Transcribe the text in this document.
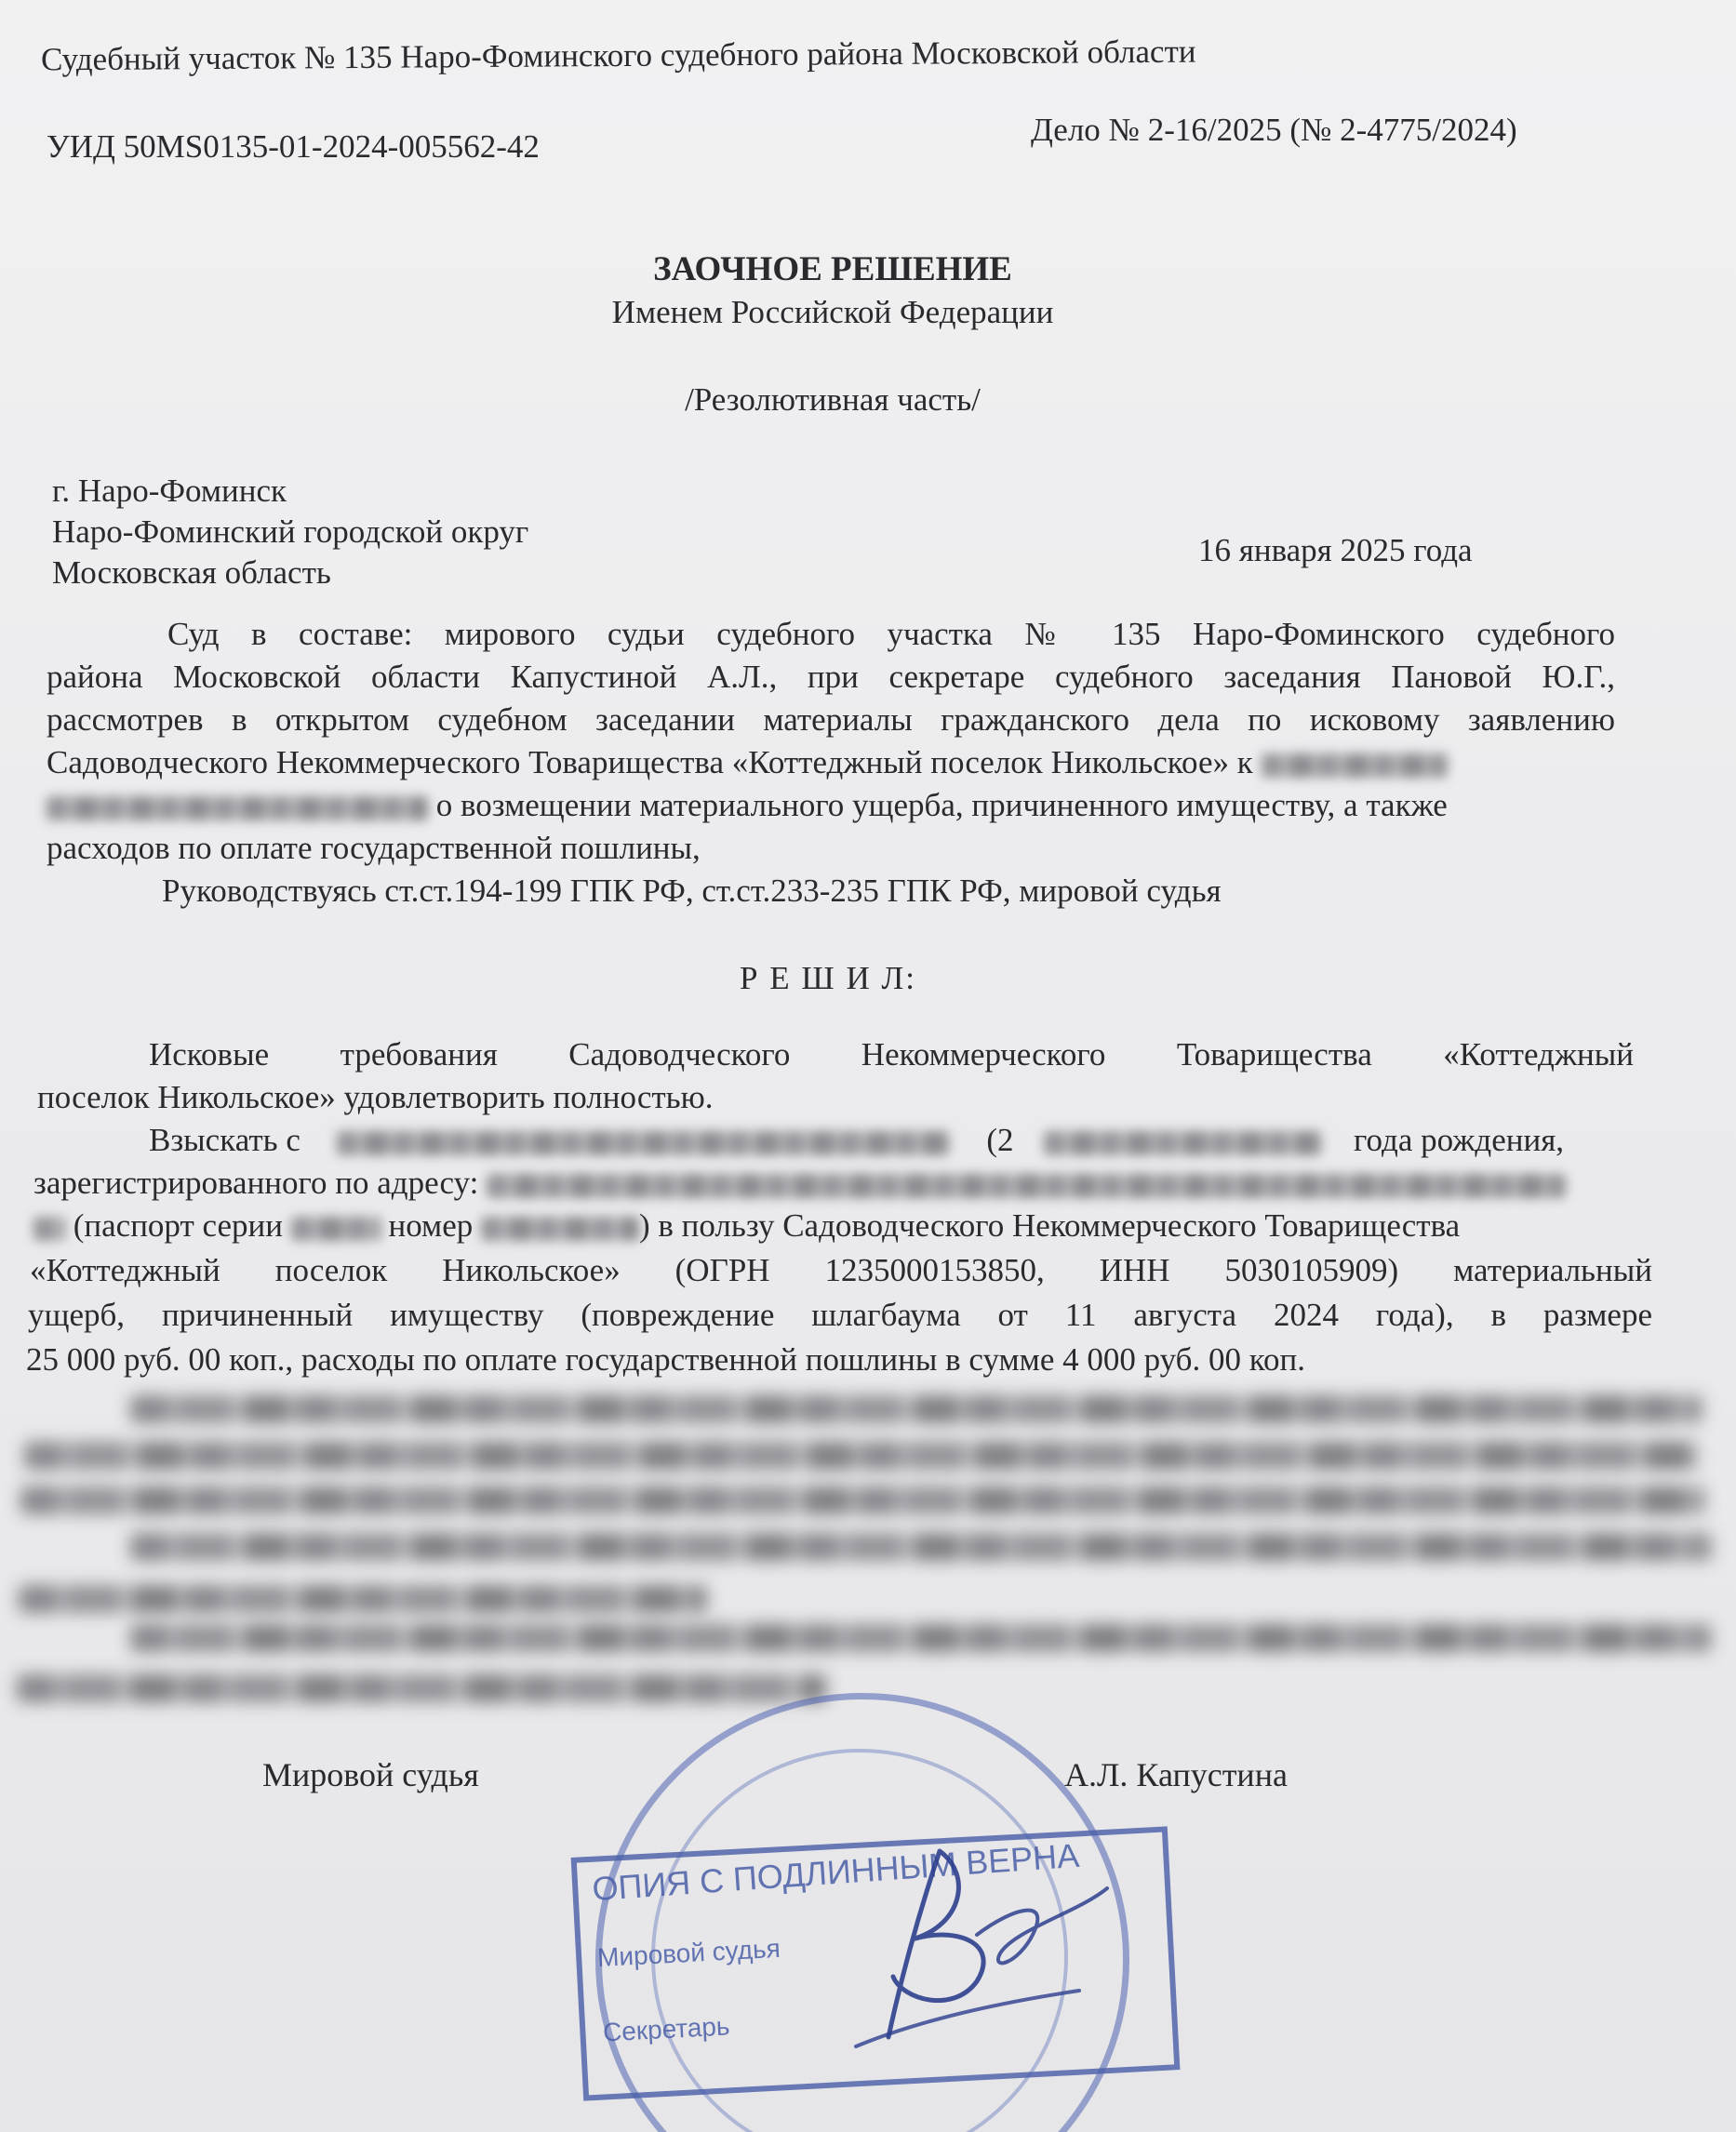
Судебный участок № 135 Наро-Фоминского судебного района Московской области
УИД 50MS0135-01-2024-005562-42	Дело № 2-16/2025 (№ 2-4775/2024)
ЗАОЧНОЕ РЕШЕНИЕ
Именем Российской Федерации
/Резолютивная часть/
г. Наро-Фоминск
Наро-Фоминский городской округ
Московская область
16 января 2025 года
Суд в составе: мирового судьи судебного участка № 135 Наро-Фоминского судебного
района Московской области Капустиной А.Л., при секретаре судебного заседания Пановой Ю.Г.,
рассмотрев в открытом судебном заседании материалы гражданского дела по исковому заявлению
Садоводческого Некоммерческого Товарищества «Коттеджный поселок Никольское» к
о возмещении материального ущерба, причиненного имуществу, а также
расходов по оплате государственной пошлины,
Руководствуясь ст.ст.194-199 ГПК РФ, ст.ст.233-235 ГПК РФ, мировой судья
Р Е Ш И Л:
Исковые требования Садоводческого Некоммерческого Товарищества «Коттеджный
поселок Никольское» удовлетворить полностью.
Взыскать с	(2	года рождения,
зарегистрированного по адресу:
(паспорт серии	номер	) в пользу Садоводческого Некоммерческого Товарищества
«Коттеджный поселок Никольское» (ОГРН 1235000153850, ИНН 5030105909) материальный
ущерб, причиненный имуществу (повреждение шлагбаума от 11 августа 2024 года), в размере
25 000 руб. 00 коп., расходы по оплате государственной пошлины в сумме 4 000 руб. 00 коп.
Мировой судья	А.Л. Капустина
ОПИЯ С ПОДЛИННЫМ ВЕРНА
Мировой судья
Секретарь
